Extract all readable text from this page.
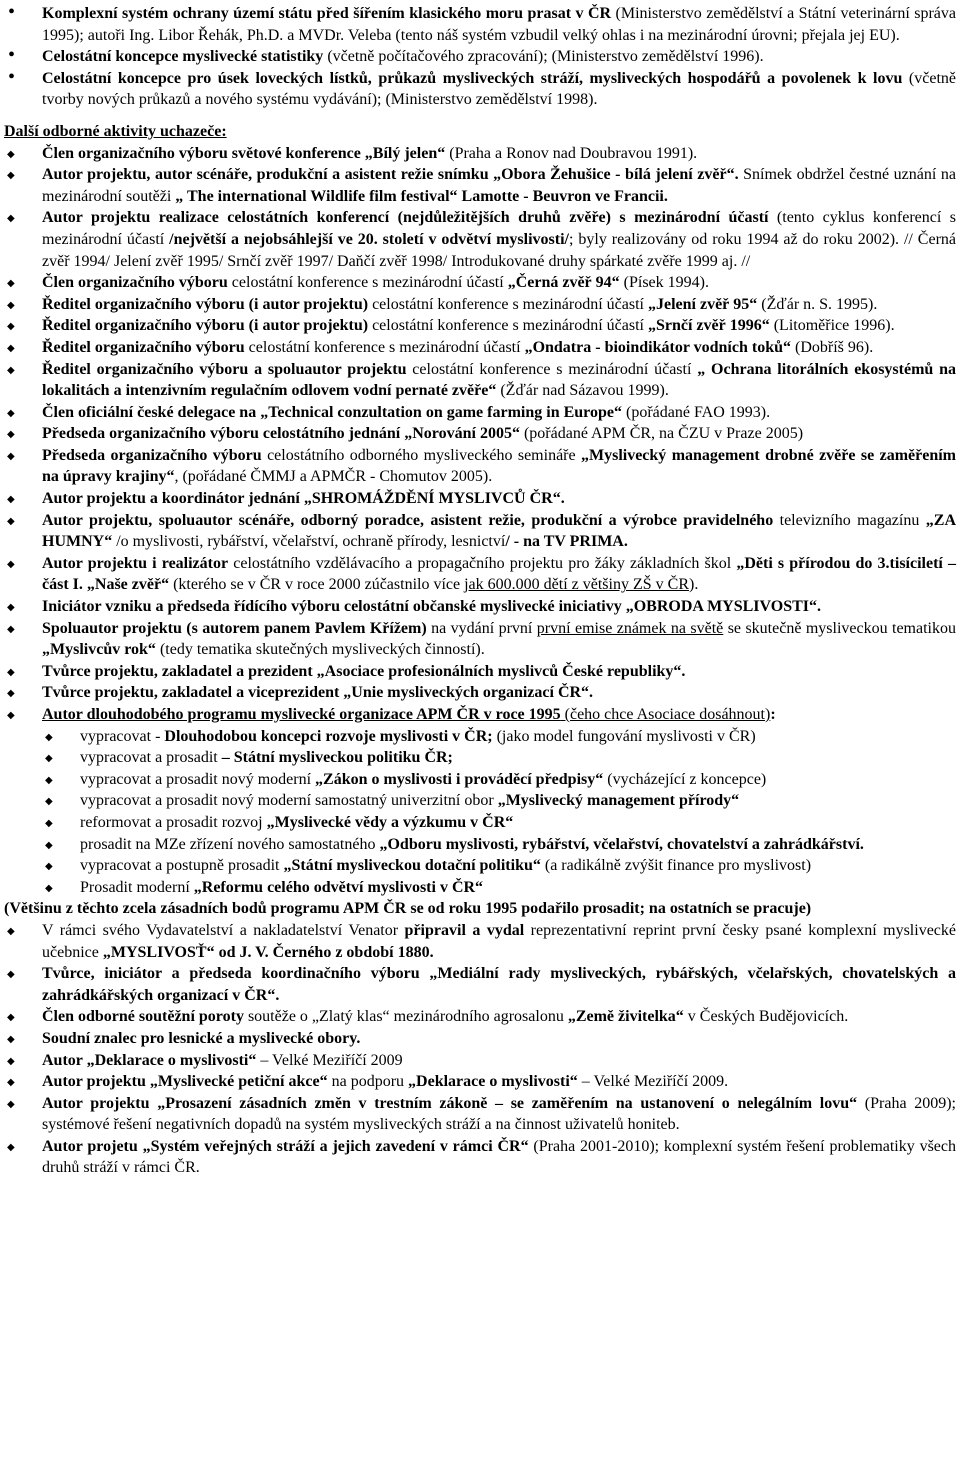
Komplexní systém ochrany území státu před šířením klasického moru prasat v ČR (Ministerstvo zemědělství a Státní veterinární správa 1995); autoři Ing. Libor Řehák, Ph.D. a MVDr. Veleba (tento náš systém vzbudil velký ohlas i na mezinárodní úrovni; přejala jej EU).
Celostátní koncepce myslivecké statistiky (včetně počítačového zpracování); (Ministerstvo zemědělství 1996).
Celostátní koncepce pro úsek loveckých lístků, průkazů mysliveckých stráží, mysliveckých hospodářů a povolenek k lovu (včetně tvorby nových průkazů a nového systému vydávání); (Ministerstvo zemědělství 1998).
Další odborné aktivity uchazeče:
Člen organizačního výboru světové konference „Bílý jelen“ (Praha a Ronov nad Doubravou 1991).
Autor projektu, autor scénáře, produkční a asistent režie snímku „Obora Žehušice - bílá jelení zvěř“. Snímek obdržel čestné uznání na mezinárodní soutěži „ The international Wildlife film festival“ Lamotte - Beuvron ve Francii.
Autor projektu realizace celostátních konferencí (nejdůležitějších druhů zvěře) s mezinárodní účastí (tento cyklus konferencí s mezinárodní účastí /největší a nejobsáhlejší ve 20. století v odvětví myslivosti/; byly realizovány od roku 1994 až do roku 2002). // Černá zvěř 1994/ Jelení zvěř 1995/ Srnčí zvěř 1997/ Daňčí zvěř 1998/ Introdukované druhy spárkaté zvěře 1999 aj. //
Člen organizačního výboru celostátní konference s mezinárodní účastí „Černá zvěř 94“ (Písek 1994).
Ředitel organizačního výboru (i autor projektu) celostátní konference s mezinárodní účastí „Jelení zvěř 95“ (Žďár n. S. 1995).
Ředitel organizačního výboru (i autor projektu) celostátní konference s mezinárodní účastí „Srnčí zvěř 1996“ (Litoměřice 1996).
Ředitel organizačního výboru celostátní konference s mezinárodní účastí „Ondatra - bioindikátor vodních toků“ (Dobříš 96).
Ředitel organizačního výboru a spoluautor projektu celostátní konference s mezinárodní účastí „ Ochrana litorálních ekosystémů na lokalitách a intenzivním regulačním odlovem vodní pernaté zvěře“ (Žďár nad Sázavou 1999).
Člen oficiální české delegace na „Technical conzultation on game farming in Europe“ (pořádané FAO 1993).
Předseda organizačního výboru celostátního jednání „Norování 2005“ (pořádané APM ČR, na ČZU v Praze 2005)
Předseda organizačního výboru celostátního odborného mysliveckého semináře „Myslivecký management drobné zvěře se zaměřením na úpravy krajiny“, (pořádané ČMMJ a APMČR - Chomutov 2005).
Autor projektu a koordinátor jednání „SHROMÁŽDĚNÍ MYSLIVCŮ ČR“.
Autor projektu, spoluautor scénáře, odborný poradce, asistent režie, produkční a výrobce pravidelného televizního magazínu „ZA HUMNY“ /o myslivosti, rybářství, včelařství, ochraně přírody, lesnictví/ - na TV PRIMA.
Autor projektu i realizátor celostátního vzdělávacího a propagačního projektu pro žáky základních škol „Děti s přírodou do 3.tisíciletí – část I. „Naše zvěř“ (kterého se v ČR v roce 2000 zúčastnilo více jak 600.000 dětí z většiny ZŠ v ČR).
Iniciátor vzniku a předseda řídícího výboru celostátní občanské myslivecké iniciativy „OBRODA MYSLIVOSTI“.
Spoluautor projektu (s autorem panem Pavlem Křížem) na vydání první první emise známek na světě se skutečně mysliveckou tematikou „Myslivcův rok“ (tedy tematika skutečných mysliveckých činností).
Tvůrce projektu, zakladatel a prezident „Asociace profesionálních myslivců České republiky“.
Tvůrce projektu, zakladatel a viceprezident „Unie mysliveckých organizací ČR“.
Autor dlouhodobého programu myslivecké organizace APM ČR v roce 1995 (čeho chce Asociace dosáhnout):
vypracovat - Dlouhodobou koncepci rozvoje myslivosti v ČR; (jako model fungování myslivosti v ČR)
vypracovat a prosadit – Státní mysliveckou politiku ČR;
vypracovat a prosadit nový moderní „Zákon o myslivosti i prováděcí předpisy“ (vycházející z koncepce)
vypracovat a prosadit nový moderní samostatný univerzitní obor „Myslivecký management přírody“
reformovat a prosadit rozvoj „Myslivecké vědy a výzkumu v ČR“
prosadit na MZe zřízení nového samostatného „Odboru myslivosti, rybářství, včelařství, chovatelství a zahrádkářství.
vypracovat a postupně prosadit „Státní mysliveckou dotační politiku“ (a radikálně zvýšit finance pro myslivost)
Prosadit moderní „Reformu celého odvětví myslivosti v ČR“

(Většinu z těchto zcela zásadních bodů programu APM ČR se od roku 1995 podařilo prosadit; na ostatních se pracuje)

V rámci svého Vydavatelství a nakladatelství Venator připravil a vydal reprezentativní reprint první česky psané komplexní myslivecké učebnice „MYSLIVOSŤ“ od J. V. Černého z období 1880.
Tvůrce, iniciátor a předseda koordinačního výboru „Mediální rady mysliveckých, rybářských, včelařských, chovatelských a zahrádkářských organizací v ČR“.
Člen odborné soutěžní poroty soutěže o „Zlatý klas“ mezinárodního agrosalonu „Země živitelka“ v Českých Budějovicích.
Soudní znalec pro lesnické a myslivecké obory.
Autor „Deklarace o myslivosti“ – Velké Meziříčí 2009
Autor projektu „Myslivecké petiční akce“ na podporu „Deklarace o myslivosti“ – Velké Meziříčí 2009.
Autor projektu „Prosazení zásadních změn v trestním zákoně – se zaměřením na ustanovení o nelegálním lovu“ (Praha 2009); systémové řešení negativních dopadů na systém mysliveckých stráží a na činnost uživatelů honiteb.
Autor projetu „Systém veřejných stráží a jejich zavedení v rámci ČR“ (Praha 2001-2010); komplexní systém řešení problematiky všech druhů stráží v rámci ČR.
